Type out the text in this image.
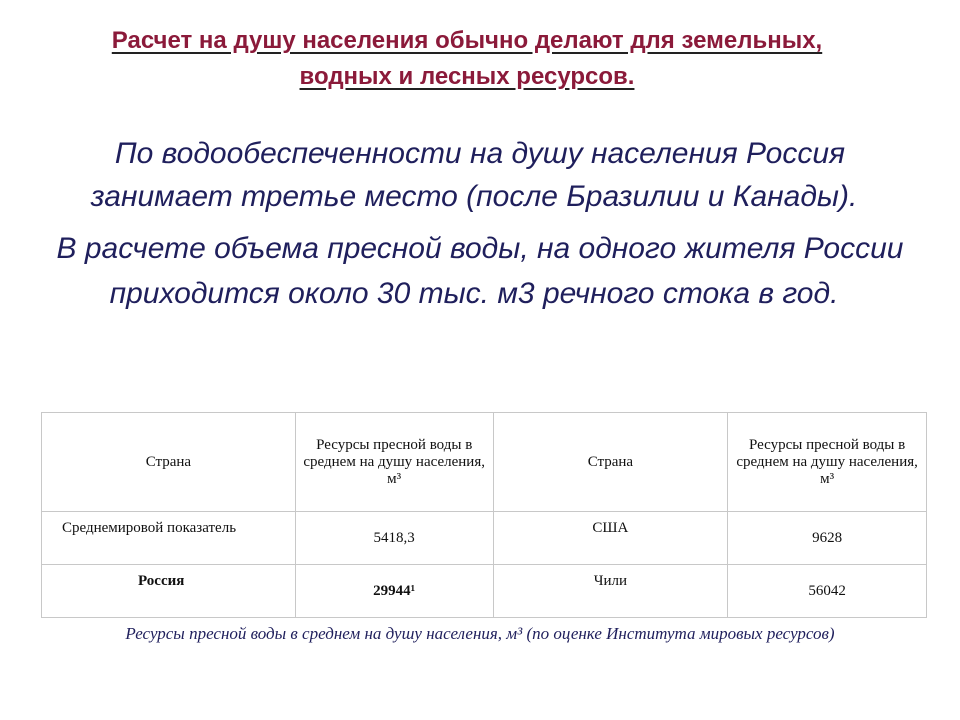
Расчет на душу населения обычно делают для земельных,
водных и лесных ресурсов.
По водообеспеченности на душу населения Россия
занимает третье место (после Бразилии и Канады).
В расчете объема пресной воды, на одного жителя России
приходится около 30 тыс. м3 речного стока в год.
Страна	Ресурсы пресной воды в среднем на душу населения, м³	Страна	Ресурсы пресной воды в среднем на душу населения, м³
Среднемировой показатель	5418,3	США	9628
Россия	29944¹	Чили	56042
Ресурсы пресной воды в среднем на душу населения, м³ (по оценке Института мировых ресурсов)
